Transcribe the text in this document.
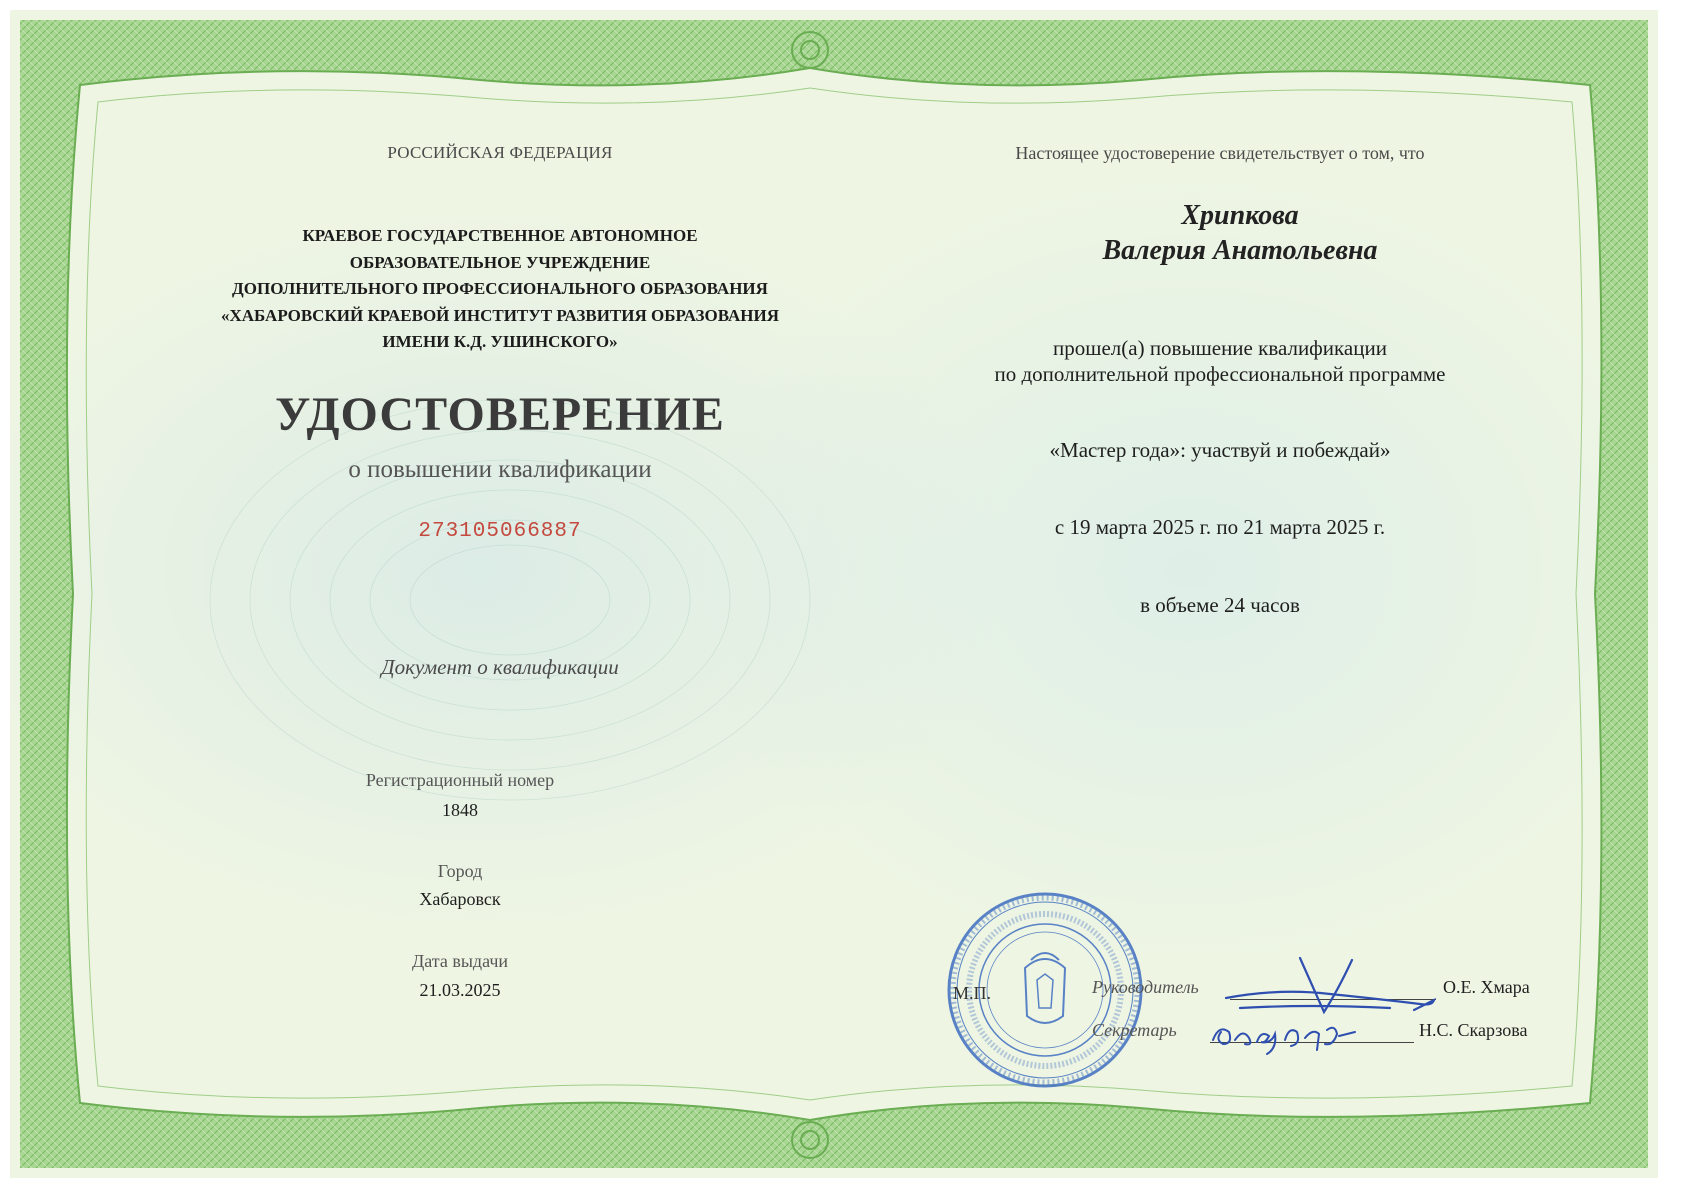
РОССИЙСКАЯ ФЕДЕРАЦИЯ
КРАЕВОЕ ГОСУДАРСТВЕННОЕ АВТОНОМНОЕ
ОБРАЗОВАТЕЛЬНОЕ УЧРЕЖДЕНИЕ
ДОПОЛНИТЕЛЬНОГО ПРОФЕССИОНАЛЬНОГО ОБРАЗОВАНИЯ
«ХАБАРОВСКИЙ КРАЕВОЙ ИНСТИТУТ РАЗВИТИЯ ОБРАЗОВАНИЯ
ИМЕНИ К.Д. УШИНСКОГО»
УДОСТОВЕРЕНИЕ
о повышении квалификации
273105066887
Документ о квалификации
Регистрационный номер
1848
Город
Хабаровск
Дата выдачи
21.03.2025
Настоящее удостоверение свидетельствует о том, что
Хрипкова
Валерия Анатольевна
прошел(а) повышение квалификации
по дополнительной профессиональной программе
«Мастер года»: участвуй и побеждай»
с 19 марта 2025 г. по 21 марта 2025 г.
в объеме 24 часов
М.П.	Руководитель	О.Е. Хмара
Секретарь	Н.С. Скарзова
